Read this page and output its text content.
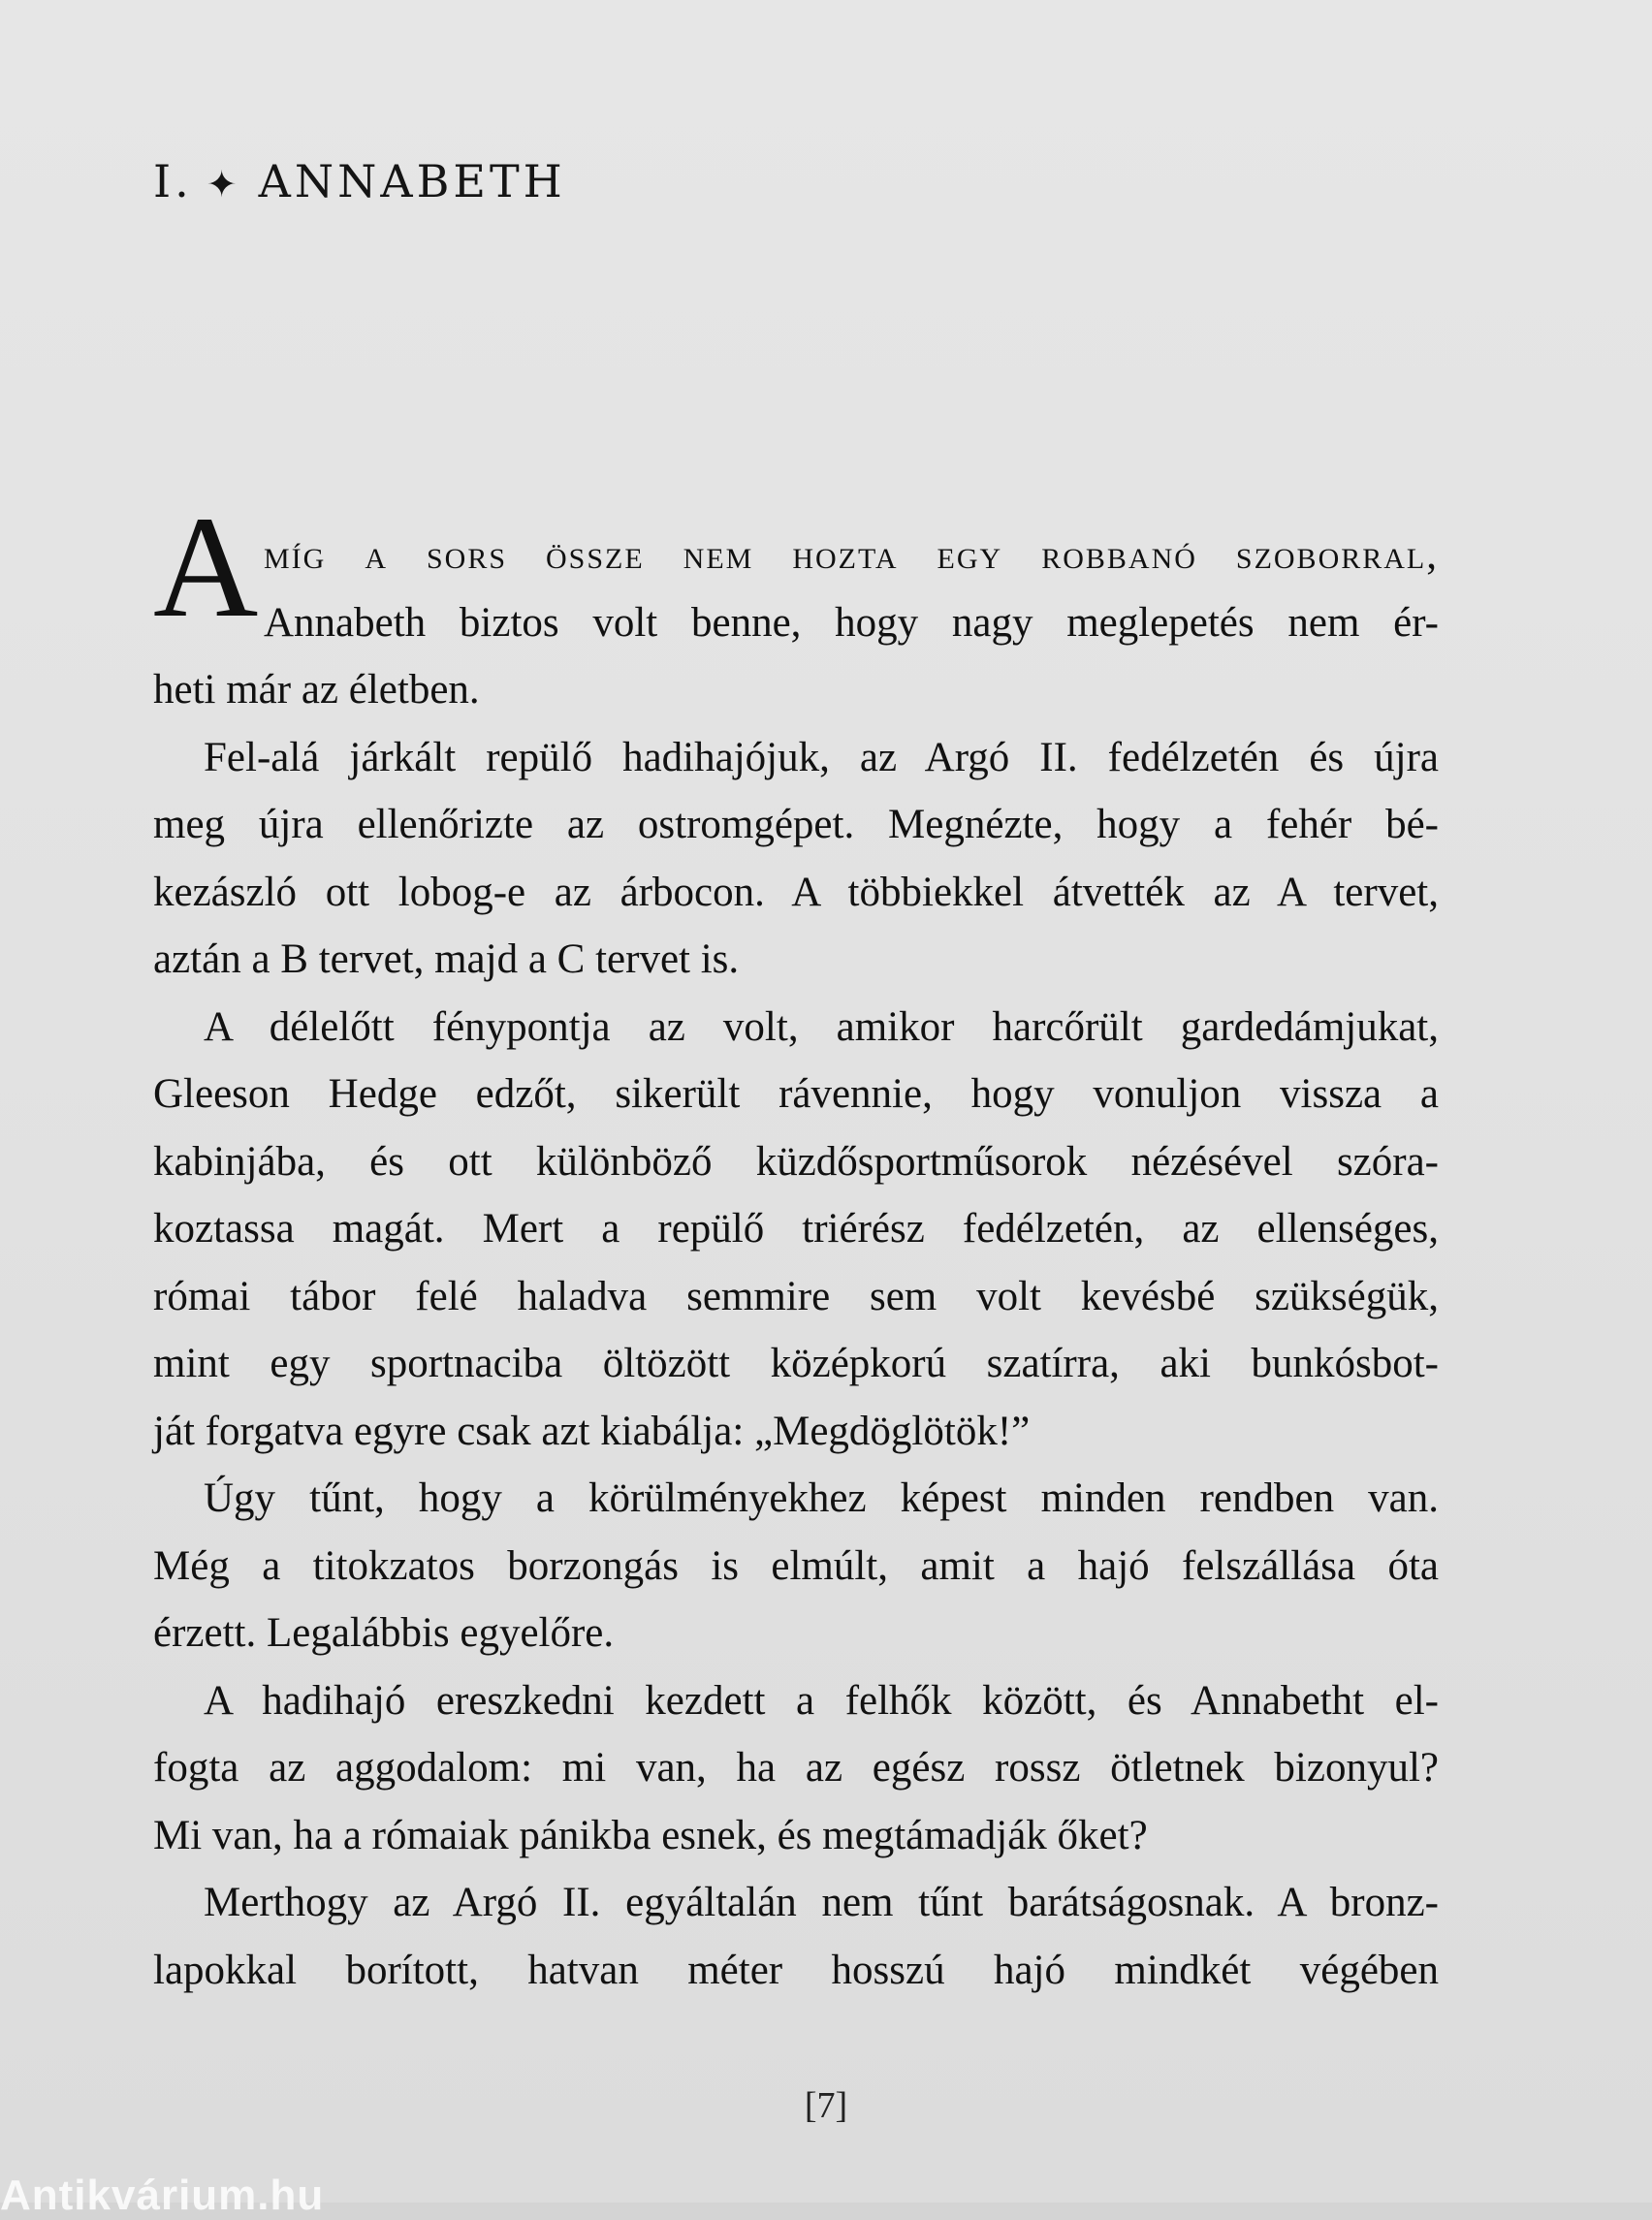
I. ✦ ANNABETH
A míg a sors össze nem hozta egy robbanó szoborral,
Annabeth biztos volt benne, hogy nagy meglepetés nem ér-
heti már az életben.
Fel-alá járkált repülő hadihajójuk, az Argó II. fedélzetén és újra
meg újra ellenőrizte az ostromgépet. Megnézte, hogy a fehér bé-
kezászló ott lobog-e az árbocon. A többiekkel átvették az A tervet,
aztán a B tervet, majd a C tervet is.
A délelőtt fénypontja az volt, amikor harcőrült gardedámjukat,
Gleeson Hedge edzőt, sikerült rávennie, hogy vonuljon vissza a
kabinjába, és ott különböző küzdősportműsorok nézésével szóra-
koztassa magát. Mert a repülő triérész fedélzetén, az ellenséges,
római tábor felé haladva semmire sem volt kevésbé szükségük,
mint egy sportnaciba öltözött középkorú szatírra, aki bunkósbot-
ját forgatva egyre csak azt kiabálja: „Megdöglötök!”
Úgy tűnt, hogy a körülményekhez képest minden rendben van.
Még a titokzatos borzongás is elmúlt, amit a hajó felszállása óta
érzett. Legalábbis egyelőre.
A hadihajó ereszkedni kezdett a felhők között, és Annabetht el-
fogta az aggodalom: mi van, ha az egész rossz ötletnek bizonyul?
Mi van, ha a rómaiak pánikba esnek, és megtámadják őket?
Merthogy az Argó II. egyáltalán nem tűnt barátságosnak. A bronz-
lapokkal borított, hatvan méter hosszú hajó mindkét végében
[7]
Antikvárium.hu
